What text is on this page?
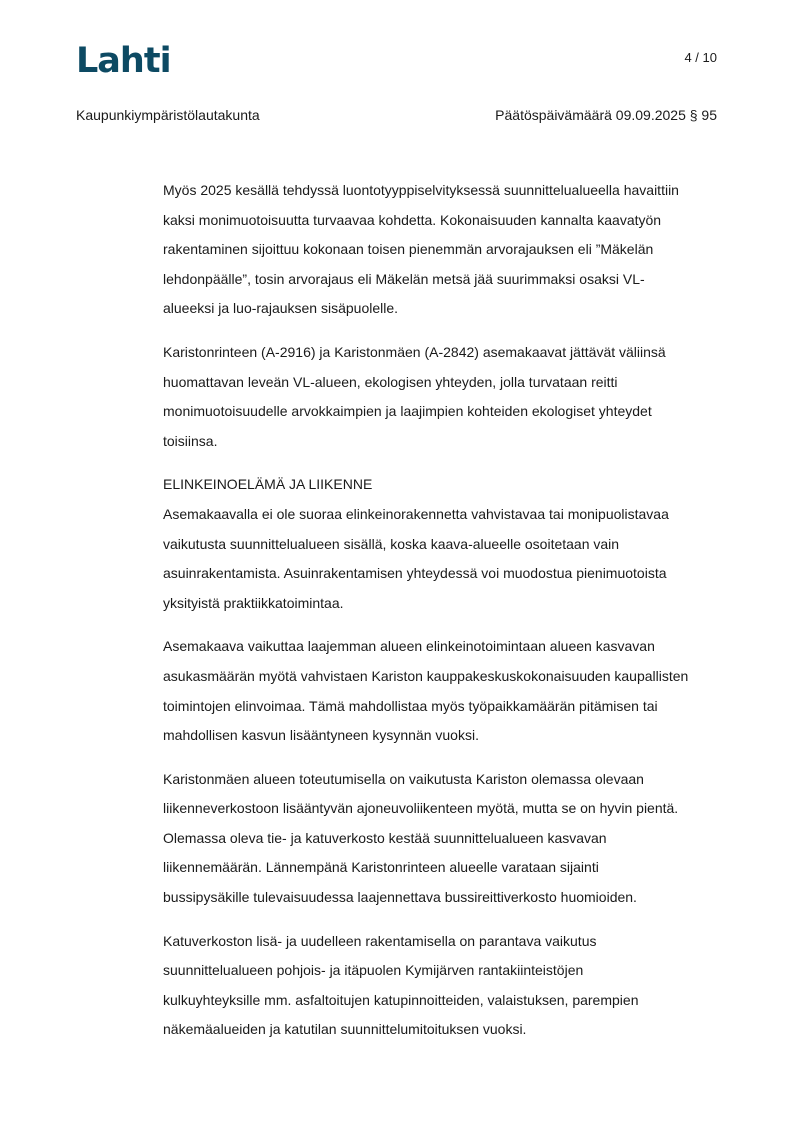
Lahti	4 / 10
Kaupunkiympäristölautakunta	Päätöspäivämäärä 09.09.2025 § 95

Myös 2025 kesällä tehdyssä luontotyyppiselvityksessä suunnittelualueella havaittiin
kaksi monimuotoisuutta turvaavaa kohdetta. Kokonaisuuden kannalta kaavatyön
rakentaminen sijoittuu kokonaan toisen pienemmän arvorajauksen eli ”Mäkelän
lehdonpäälle”, tosin arvorajaus eli Mäkelän metsä jää suurimmaksi osaksi VL-
alueeksi ja luo-rajauksen sisäpuolelle.

Karistonrinteen (A-2916) ja Karistonmäen (A-2842) asemakaavat jättävät väliinsä
huomattavan leveän VL-alueen, ekologisen yhteyden, jolla turvataan reitti
monimuotoisuudelle arvokkaimpien ja laajimpien kohteiden ekologiset yhteydet
toisiinsa.

ELINKEINOELÄMÄ JA LIIKENNE

Asemakaavalla ei ole suoraa elinkeinorakennetta vahvistavaa tai monipuolistavaa
vaikutusta suunnittelualueen sisällä, koska kaava-alueelle osoitetaan vain
asuinrakentamista. Asuinrakentamisen yhteydessä voi muodostua pienimuotoista
yksityistä praktiikkatoimintaa.

Asemakaava vaikuttaa laajemman alueen elinkeinotoimintaan alueen kasvavan
asukasmäärän myötä vahvistaen Kariston kauppakeskuskokonaisuuden kaupallisten
toimintojen elinvoimaa. Tämä mahdollistaa myös työpaikkamäärän pitämisen tai
mahdollisen kasvun lisääntyneen kysynnän vuoksi.

Karistonmäen alueen toteutumisella on vaikutusta Kariston olemassa olevaan
liikenneverkostoon lisääntyvän ajoneuvoliikenteen myötä, mutta se on hyvin pientä.
Olemassa oleva tie- ja katuverkosto kestää suunnittelualueen kasvavan
liikennemäärän. Lännempänä Karistonrinteen alueelle varataan sijainti
bussipysäkille tulevaisuudessa laajennettava bussireittiverkosto huomioiden.

Katuverkoston lisä- ja uudelleen rakentamisella on parantava vaikutus
suunnittelualueen pohjois- ja itäpuolen Kymijärven rantakiinteistöjen
kulkuyhteyksille mm. asfaltoitujen katupinnoitteiden, valaistuksen, parempien
näkemäalueiden ja katutilan suunnittelumitoituksen vuoksi.
